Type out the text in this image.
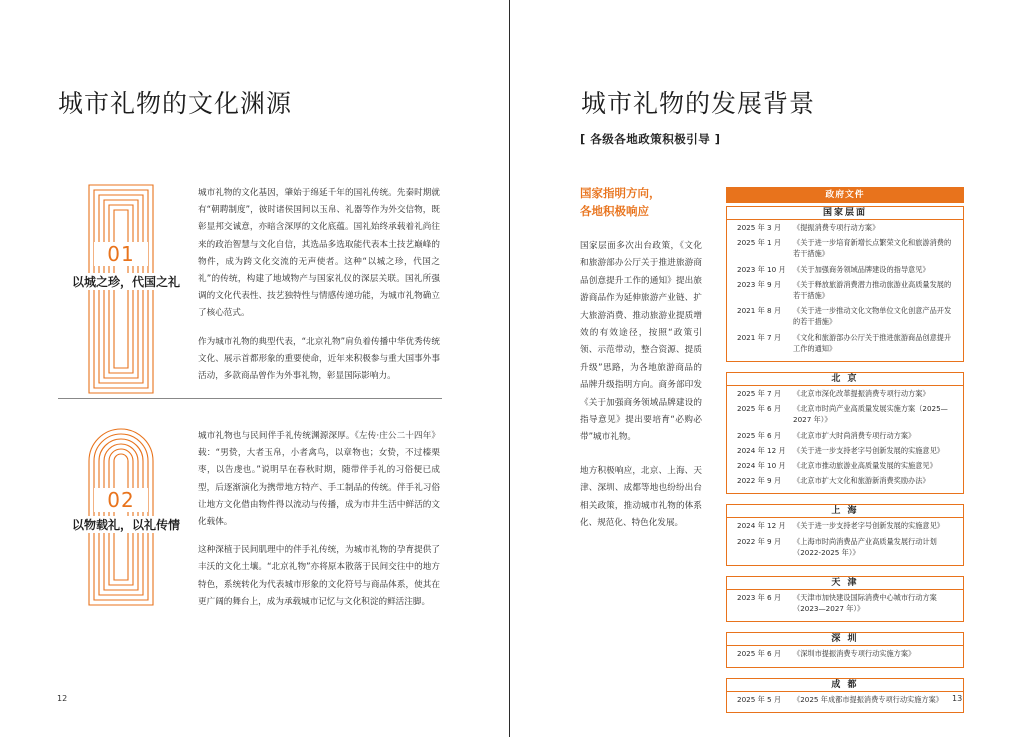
城市礼物的文化渊源
01
以城之珍，代国之礼

城市礼物的文化基因，肇始于绵延千年的国礼传统。先秦时期就有“朝聘制度”，彼时诸侯国间以玉帛、礼器等作为外交信物，既彰显邦交诚意，亦暗含深厚的文化底蕴。国礼始终承载着礼尚往来的政治智慧与文化自信，其选品多选取能代表本土技艺巅峰的物件，成为跨文化交流的无声使者。这种“以城之珍，代国之礼”的传统，构建了地域物产与国家礼仪的深层关联。国礼所强调的文化代表性、技艺独特性与情感传递功能，为城市礼物确立了核心范式。

作为城市礼物的典型代表，“北京礼物”肩负着传播中华优秀传统文化、展示首都形象的重要使命，近年来积极参与重大国事外事活动，多款商品曾作为外事礼物，彰显国际影响力。

02
以物载礼，以礼传情

城市礼物也与民间伴手礼传统渊源深厚。《左传·庄公二十四年》载：“男贽，大者玉帛，小者禽鸟，以章物也；女贽，不过榛栗枣，以告虔也。”说明早在春秋时期，随带伴手礼的习俗便已成型，后逐渐演化为携带地方特产、手工制品的传统。伴手礼习俗让地方文化借由物件得以流动与传播，成为市井生活中鲜活的文化载体。

这种深植于民间肌理中的伴手礼传统，为城市礼物的孕育提供了丰沃的文化土壤。“北京礼物”亦将原本散落于民间交往中的地方特色，系统转化为代表城市形象的文化符号与商品体系，使其在更广阔的舞台上，成为承载城市记忆与文化积淀的鲜活注脚。

12
城市礼物的发展背景
[ 各级各地政策积极引导 ]
国家指明方向，
各地积极响应
国家层面多次出台政策，《文化和旅游部办公厅关于推进旅游商品创意提升工作的通知》提出旅游商品作为延伸旅游产业链、扩大旅游消费、推动旅游业提质增效的有效途径，按照“政策引领、示范带动，整合资源、提质升级”思路，为各地旅游商品的品牌升级指明方向。商务部印发《关于加强商务领域品牌建设的指导意见》提出要培育“必购必带”城市礼物。
地方积极响应，北京、上海、天津、深圳、成都等地也纷纷出台相关政策，推动城市礼物的体系化、规范化、特色化发展。
政府文件
国家层面
2025 年 3 月	《提振消费专项行动方案》
2025 年 1 月	《关于进一步培育新增长点繁荣文化和旅游消费的若干措施》
2023 年 10 月	《关于加强商务领域品牌建设的指导意见》
2023 年 9 月	《关于释放旅游消费潜力推动旅游业高质量发展的若干措施》
2021 年 8 月	《关于进一步推动文化文物单位文化创意产品开发的若干措施》
2021 年 7 月	《文化和旅游部办公厅关于推进旅游商品创意提升工作的通知》
北 京
2025 年 7 月	《北京市深化改革提振消费专项行动方案》
2025 年 6 月	《北京市时尚产业高质量发展实施方案（2025—2027 年）》
2025 年 6 月	《北京市扩大时尚消费专项行动方案》
2024 年 12 月	《关于进一步支持老字号创新发展的实施意见》
2024 年 10 月	《北京市推动旅游业高质量发展的实施意见》
2022 年 9 月	《北京市扩大文化和旅游新消费奖励办法》
上 海
2024 年 12 月	《关于进一步支持老字号创新发展的实施意见》
2022 年 9 月	《上海市时尚消费品产业高质量发展行动计划（2022-2025 年）》
天 津
2023 年 6 月	《天津市加快建设国际消费中心城市行动方案（2023—2027 年）》
深 圳
2025 年 6 月	《深圳市提振消费专项行动实施方案》
成 都
2025 年 5 月	《2025 年成都市提振消费专项行动实施方案》	13
